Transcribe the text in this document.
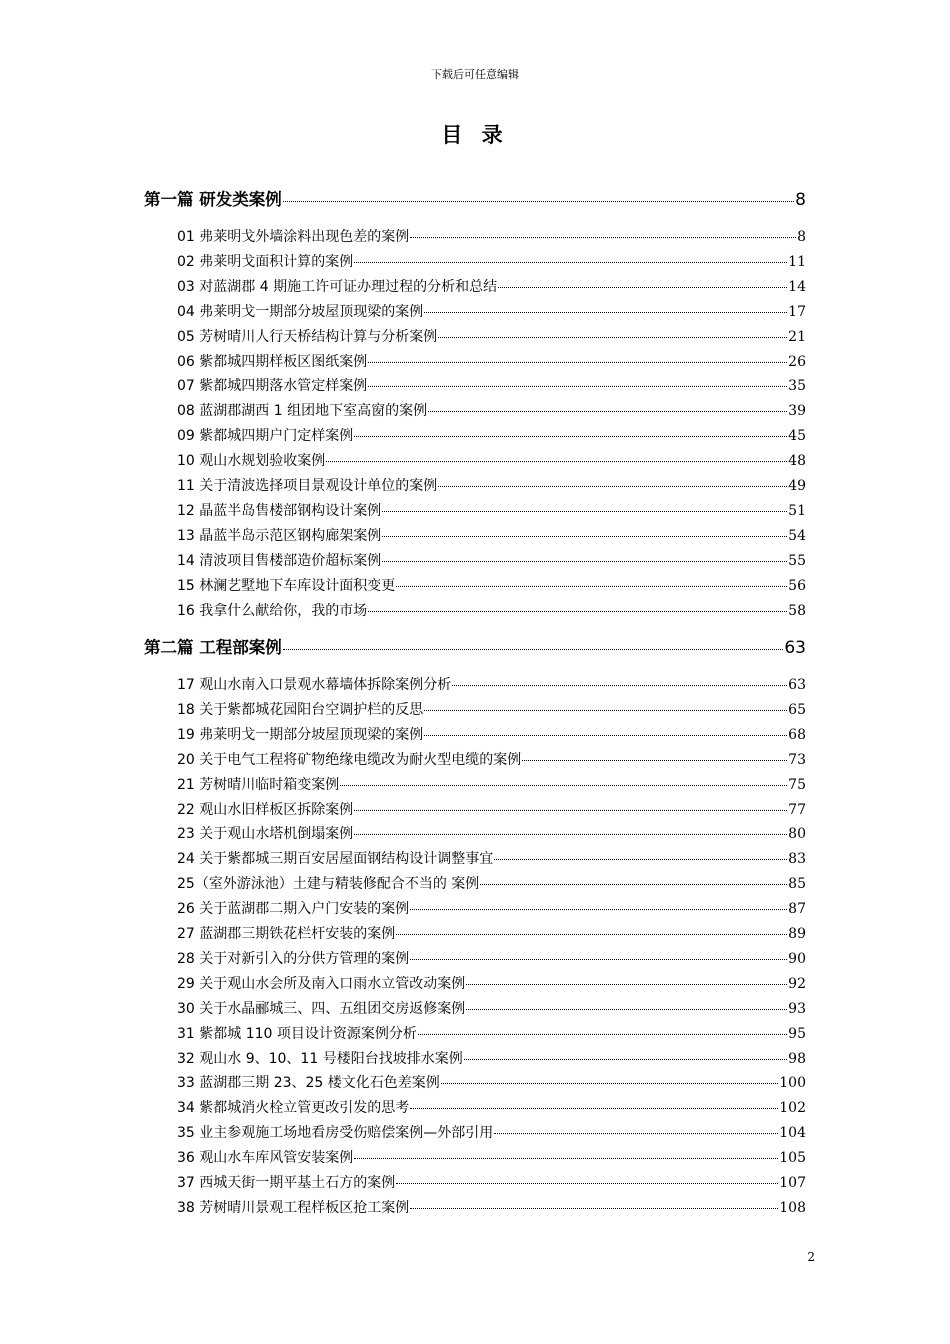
下载后可任意编辑
目 录
第一篇 研发类案例	8
01 弗莱明戈外墙涂料出现色差的案例	8
02 弗莱明戈面积计算的案例	11
03 对蓝湖郡 4 期施工许可证办理过程的分析和总结	14
04 弗莱明戈一期部分坡屋顶现梁的案例	17
05 芳树晴川人行天桥结构计算与分析案例	21
06 紫都城四期样板区图纸案例	26
07 紫都城四期落水管定样案例	35
08 蓝湖郡湖西 1 组团地下室高窗的案例	39
09 紫都城四期户门定样案例	45
10 观山水规划验收案例	48
11 关于清波选择项目景观设计单位的案例	49
12 晶蓝半岛售楼部钢构设计案例	51
13 晶蓝半岛示范区钢构廊架案例	54
14 清波项目售楼部造价超标案例	55
15 林澜艺墅地下车库设计面积变更	56
16 我拿什么献给你，我的市场	58
第二篇 工程部案例	63
17 观山水南入口景观水幕墙体拆除案例分析	63
18 关于紫都城花园阳台空调护栏的反思	65
19 弗莱明戈一期部分坡屋顶现梁的案例	68
20 关于电气工程将矿物绝缘电缆改为耐火型电缆的案例	73
21 芳树晴川临时箱变案例	75
22 观山水旧样板区拆除案例	77
23 关于观山水塔机倒塌案例	80
24 关于紫都城三期百安居屋面钢结构设计调整事宜	83
25（室外游泳池）土建与精装修配合不当的 案例	85
26 关于蓝湖郡二期入户门安装的案例	87
27 蓝湖郡三期铁花栏杆安装的案例	89
28 关于对新引入的分供方管理的案例	90
29 关于观山水会所及南入口雨水立管改动案例	92
30 关于水晶郦城三、四、五组团交房返修案例	93
31 紫都城 110 项目设计资源案例分析	95
32 观山水 9、10、11 号楼阳台找坡排水案例	98
33 蓝湖郡三期 23、25 楼文化石色差案例	100
34 紫都城消火栓立管更改引发的思考	102
35 业主参观施工场地看房受伤赔偿案例—外部引用	104
36 观山水车库风管安装案例	105
37 西城天街一期平基土石方的案例	107
38 芳树晴川景观工程样板区抢工案例	108
2
